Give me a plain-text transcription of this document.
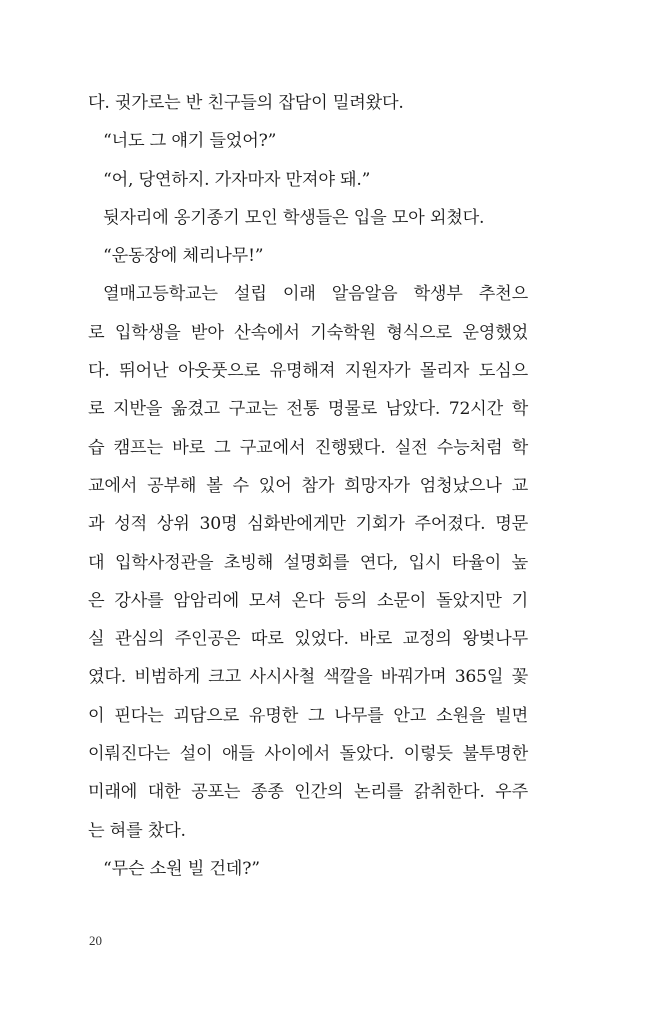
다. 귓가로는 반 친구들의 잡담이 밀려왔다.
“너도 그 얘기 들었어?”
“어, 당연하지. 가자마자 만져야 돼.”
뒷자리에 옹기종기 모인 학생들은 입을 모아 외쳤다.
“운동장에 체리나무!”
열매고등학교는 설립 이래 알음알음 학생부 추천으
로 입학생을 받아 산속에서 기숙학원 형식으로 운영했었
다. 뛰어난 아웃풋으로 유명해져 지원자가 몰리자 도심으
로 지반을 옮겼고 구교는 전통 명물로 남았다. 72시간 학
습 캠프는 바로 그 구교에서 진행됐다. 실전 수능처럼 학
교에서 공부해 볼 수 있어 참가 희망자가 엄청났으나 교
과 성적 상위 30명 심화반에게만 기회가 주어졌다. 명문
대 입학사정관을 초빙해 설명회를 연다, 입시 타율이 높
은 강사를 암암리에 모셔 온다 등의 소문이 돌았지만 기
실 관심의 주인공은 따로 있었다. 바로 교정의 왕벚나무
였다. 비범하게 크고 사시사철 색깔을 바꿔가며 365일 꽃
이 핀다는 괴담으로 유명한 그 나무를 안고 소원을 빌면
이뤄진다는 설이 애들 사이에서 돌았다. 이렇듯 불투명한
미래에 대한 공포는 종종 인간의 논리를 갉취한다. 우주
는 혀를 찼다.
“무슨 소원 빌 건데?”
20
